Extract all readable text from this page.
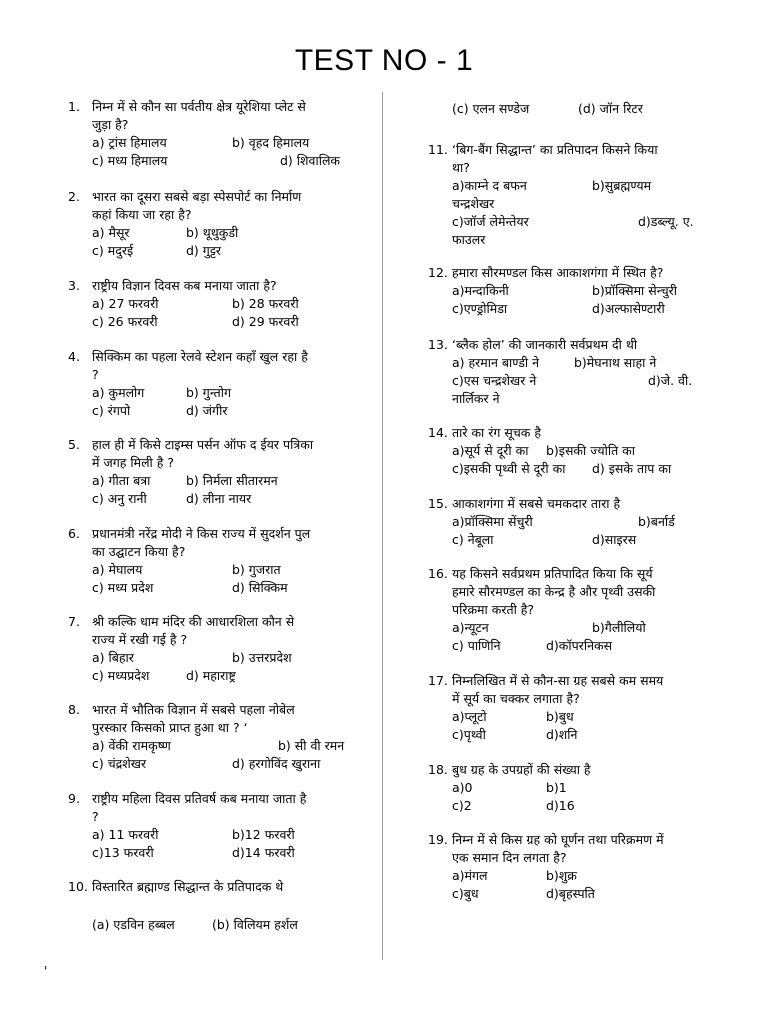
TEST NO - 1
1. निम्न में से कौन सा पर्वतीय क्षेत्र यूरेशिया प्लेट से
जुड़ा है?
a) ट्रांस हिमालय	b) वृहद हिमालय
c) मध्य हिमालय	d) शिवालिक
2. भारत का दूसरा सबसे बड़ा स्पेसपोर्ट का निर्माण
कहां किया जा रहा है?
a) मैसूर	b) थूथुकुडी
c) मदुरई	d) गुट्टर
3. राष्ट्रीय विज्ञान दिवस कब मनाया जाता है?
a) 27 फरवरी	b) 28 फरवरी
c) 26 फरवरी	d) 29 फरवरी
4. सिक्किम का पहला रेलवे स्टेशन कहाँ खुल रहा है
?
a) कुमलोग	b) गुन्तोग
c) रंगपो	d) जंगीर
5. हाल ही में किसे टाइम्स पर्सन ऑफ द ईयर पत्रिका
में जगह मिली है ?
a) गीता बत्रा	b) निर्मला सीतारमन
c) अनु रानी	d) लीना नायर
6. प्रधानमंत्री नरेंद्र मोदी ने किस राज्य में सुदर्शन पुल
का उद्घाटन किया है?
a) मेघालय	b) गुजरात
c) मध्य प्रदेश	d) सिक्किम
7. श्री कल्कि धाम मंदिर की आधारशिला कौन से
राज्य में रखी गई है ?
a) बिहार	b) उत्तरप्रदेश
c) मध्यप्रदेश	d) महाराष्ट्र
8. भारत में भौतिक विज्ञान में सबसे पहला नोबेल
पुरस्कार किसको प्राप्त हुआ था ? ‘
a) वेंकी रामकृष्ण	b) सी वी रमन
c) चंद्रशेखर	d) हरगोविंद खुराना
9. राष्ट्रीय महिला दिवस प्रतिवर्ष कब मनाया जाता है
?
a) 11 फरवरी	b)12 फरवरी
c)13 फरवरी	d)14 फरवरी
10. विस्तारित ब्रह्माण्ड सिद्धान्त के प्रतिपादक थे
(a) एडविन हब्बल	(b) विलियम हर्शल
(c) एलन सण्डेज	(d) जॉन रिटर
11. ‘बिग-बैंग सिद्धान्त’ का प्रतिपादन किसने किया
था?
a)काम्ने द बफन	b)सुब्रह्मण्यम
चन्द्रशेखर
c)जॉर्ज लेमेन्तेयर	d)डब्ल्यू. ए.
फाउलर
12. हमारा सौरमण्डल किस आकाशगंगा में स्थित है?
a)मन्दाकिनी	b)प्रॉक्सिमा सेन्चुरी
c)एण्ड्रोमिडा	d)अल्फासेण्टारी
13. ‘ब्लैक होल’ की जानकारी सर्वप्रथम दी थी
a) हरमान बाण्डी ने	b)मेघनाथ साहा ने
c)एस चन्द्रशेखर ने	d)जे. वी.
नार्लिकर ने
14. तारे का रंग सूचक है
a)सूर्य से दूरी का b)इसकी ज्योति का
c)इसकी पृथ्वी से दूरी का d) इसके ताप का
15. आकाशगंगा में सबसे चमकदार तारा है
a)प्रॉक्सिमा सेंचुरी	b)बर्नार्ड
c) नेबूला	d)साइरस
16. यह किसने सर्वप्रथम प्रतिपादित किया कि सूर्य
हमारे सौरमण्डल का केन्द्र है और पृथ्वी उसकी
परिक्रमा करती है?
a)न्यूटन	b)गैलीलियो
c) पाणिनि	d)कॉपरनिकस
17. निम्नलिखित में से कौन-सा ग्रह सबसे कम समय
में सूर्य का चक्कर लगाता है?
a)प्लूटो	b)बुध
c)पृथ्वी	d)शनि
18. बुध ग्रह के उपग्रहों की संख्या है
a)0	b)1
c)2	d)16
19. निम्न में से किस ग्रह को घूर्णन तथा परिक्रमण में
एक समान दिन लगता है?
a)मंगल	b)शुक्र
c)बुध	d)बृहस्पति
'
